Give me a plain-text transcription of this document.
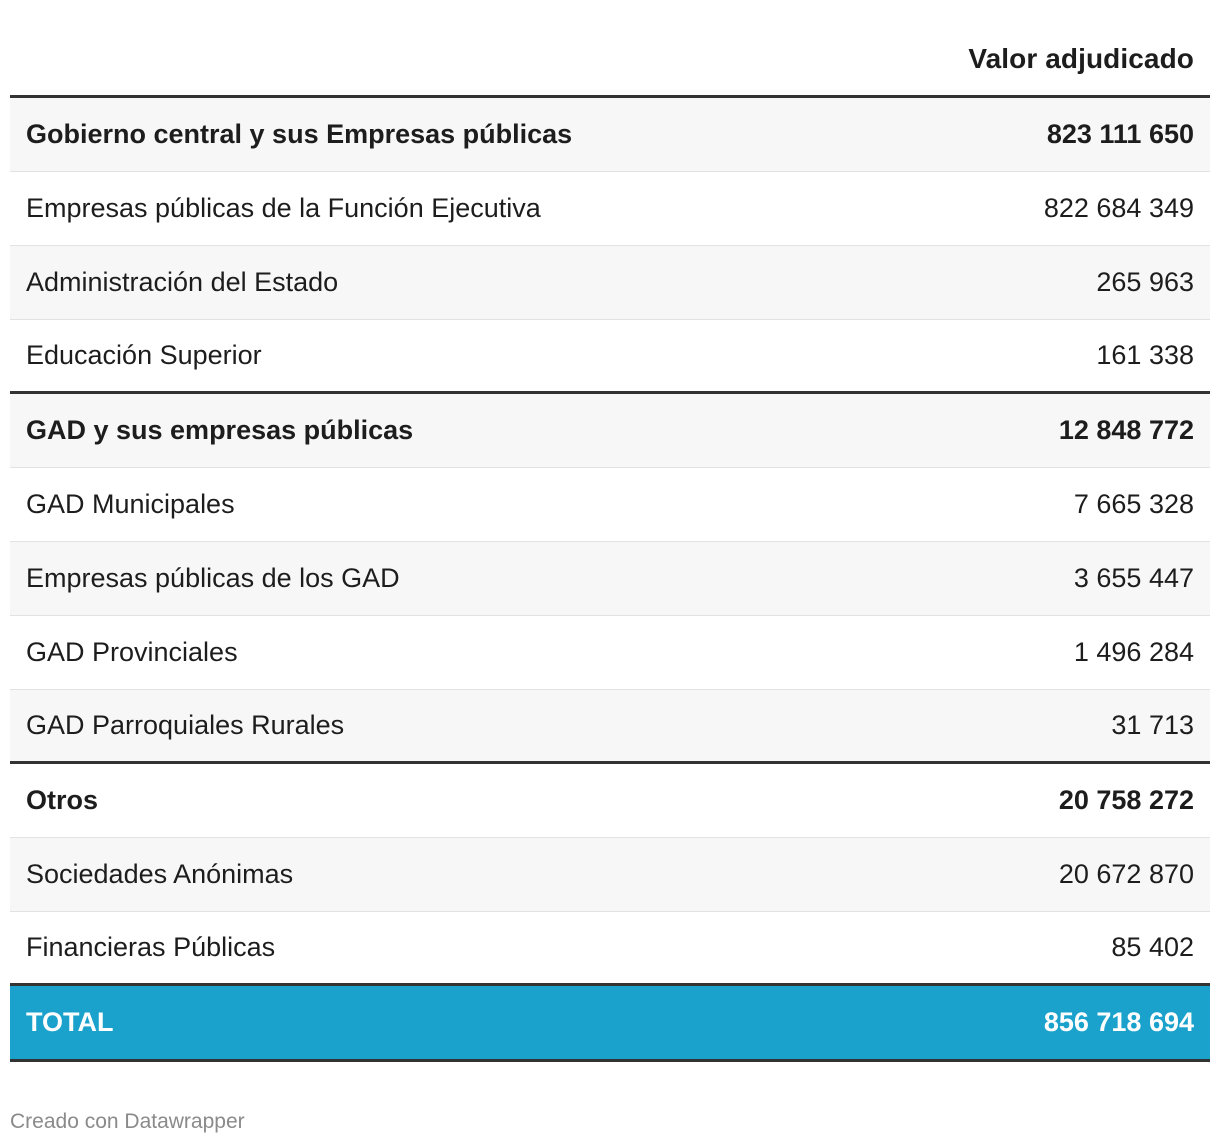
Valor adjudicado
Gobierno central y sus Empresas públicas	823 111 650
Empresas públicas de la Función Ejecutiva	822 684 349
Administración del Estado	265 963
Educación Superior	161 338
GAD y sus empresas públicas	12 848 772
GAD Municipales	7 665 328
Empresas públicas de los GAD	3 655 447
GAD Provinciales	1 496 284
GAD Parroquiales Rurales	31 713
Otros	20 758 272
Sociedades Anónimas	20 672 870
Financieras Públicas	85 402
TOTAL	856 718 694
Creado con Datawrapper
